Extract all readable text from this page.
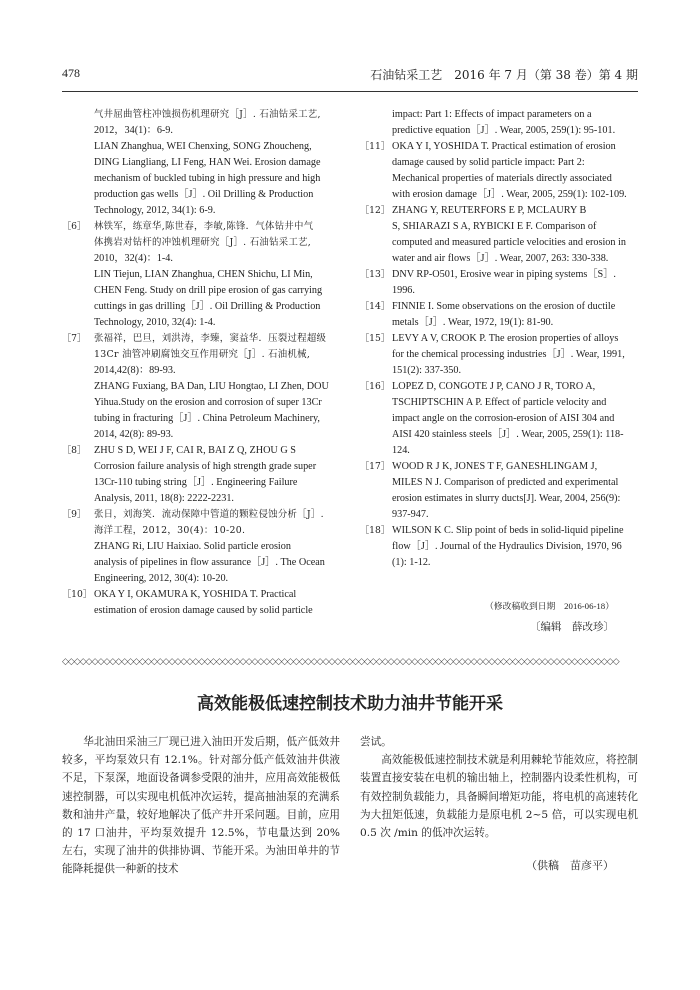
478	石油钻采工艺　2016 年 7 月（第 38 卷）第 4 期
气井屈曲管柱冲蚀损伤机理研究［J］. 石油钻采工艺,
2012，34(1)：6-9.
LIAN Zhanghua, WEI Chenxing, SONG Zhoucheng,
DING Liangliang, LI Feng, HAN Wei. Erosion damage
mechanism of buckled tubing in high pressure and high
production gas wells［J］. Oil Drilling & Production
Technology, 2012, 34(1): 6-9.
［6］ 林铁军，练章华,陈世春，李敏,陈锋．气体钻井中气
体携岩对钻杆的冲蚀机理研究［J］. 石油钻采工艺,
2010，32(4)：1-4.
LIN Tiejun, LIAN Zhanghua, CHEN Shichu, LI Min,
CHEN Feng. Study on drill pipe erosion of gas carrying
cuttings in gas drilling［J］. Oil Drilling & Production
Technology, 2010, 32(4): 1-4.
［7］ 张福祥，巴旦，刘洪涛，李臻，窦益华．压裂过程超级
13Cr 油管冲刷腐蚀交互作用研究［J］. 石油机械,
2014,42(8)：89-93.
ZHANG Fuxiang, BA Dan, LIU Hongtao, LI Zhen, DOU
Yihua.Study on the erosion and corrosion of super 13Cr
tubing in fracturing［J］. China Petroleum Machinery,
2014, 42(8): 89-93.
［8］ ZHU S D, WEI J F, CAI R, BAI Z Q, ZHOU G S
Corrosion failure analysis of high strength grade super
13Cr-110 tubing string［J］. Engineering Failure
Analysis, 2011, 18(8): 2222-2231.
［9］ 张日，刘海笑．流动保障中管道的颗粒侵蚀分析［J］.
海洋工程，2012，30(4)：10-20.
ZHANG Ri, LIU Haixiao. Solid particle erosion
analysis of pipelines in flow assurance［J］. The Ocean
Engineering, 2012, 30(4): 10-20.
［10］ OKA Y I, OKAMURA K, YOSHIDA T. Practical
estimation of erosion damage caused by solid particle
impact: Part 1: Effects of impact parameters on a
predictive equation［J］. Wear, 2005, 259(1): 95-101.
［11］ OKA Y I, YOSHIDA T. Practical estimation of erosion
damage caused by solid particle impact: Part 2:
Mechanical properties of materials directly associated
with erosion damage［J］. Wear, 2005, 259(1): 102-109.
［12］ ZHANG Y, REUTERFORS E P, MCLAURY B
S, SHIARAZI S A, RYBICKI E F. Comparison of
computed and measured particle velocities and erosion in
water and air flows［J］. Wear, 2007, 263: 330-338.
［13］ DNV RP-O501, Erosive wear in piping systems［S］.
1996.
［14］ FINNIE I. Some observations on the erosion of ductile
metals［J］. Wear, 1972, 19(1): 81-90.
［15］ LEVY A V, CROOK P. The erosion properties of alloys
for the chemical processing industries［J］. Wear, 1991,
151(2): 337-350.
［16］ LOPEZ D, CONGOTE J P, CANO J R, TORO A,
TSCHIPTSCHIN A P. Effect of particle velocity and
impact angle on the corrosion-erosion of AISI 304 and
AISI 420 stainless steels［J］. Wear, 2005, 259(1): 118-
124.
［17］ WOOD R J K, JONES T F, GANESHLINGAM J,
MILES N J. Comparison of predicted and experimental
erosion estimates in slurry ducts[J]. Wear, 2004, 256(9):
937-947.
［18］ WILSON K C. Slip point of beds in solid-liquid pipeline
flow［J］. Journal of the Hydraulics Division, 1970, 96
(1): 1-12.
（修改稿收到日期　2016-06-18）
〔编辑　薛改珍〕
◇◇◇◇◇◇◇◇◇◇◇◇◇◇◇◇◇◇◇◇◇◇◇◇◇◇◇◇◇◇◇◇◇◇◇◇◇◇◇◇◇◇◇◇◇◇◇◇◇◇◇◇◇◇◇◇◇◇◇◇◇◇◇◇◇◇◇◇◇◇◇◇◇◇◇◇◇◇◇◇◇◇◇◇◇◇◇◇◇◇◇◇◇◇
高效能极低速控制技术助力油井节能开采

华北油田采油三厂现已进入油田开发后期，低产低效井较多，平均泵效只有 12.1%。针对部分低产低效油井供液不足，下泵深，地面设备调参受限的油井，应用高效能极低速控制器，可以实现电机低冲次运转，提高抽油泵的充满系数和油井产量，较好地解决了低产井开采问题。目前，应用的 17 口油井，平均泵效提升 12.5%，节电量达到 20% 左右，实现了油井的供排协调、节能开采。为油田单井的节能降耗提供一种新的技术

尝试。

高效能极低速控制技术就是利用棘轮节能效应，将控制装置直接安装在电机的输出轴上，控制器内设柔性机构，可有效控制负载能力，具备瞬间增矩功能，将电机的高速转化为大扭矩低速，负载能力是原电机 2~5 倍，可以实现电机 0.5 次 /min 的低冲次运转。

（供稿　苗彦平）
